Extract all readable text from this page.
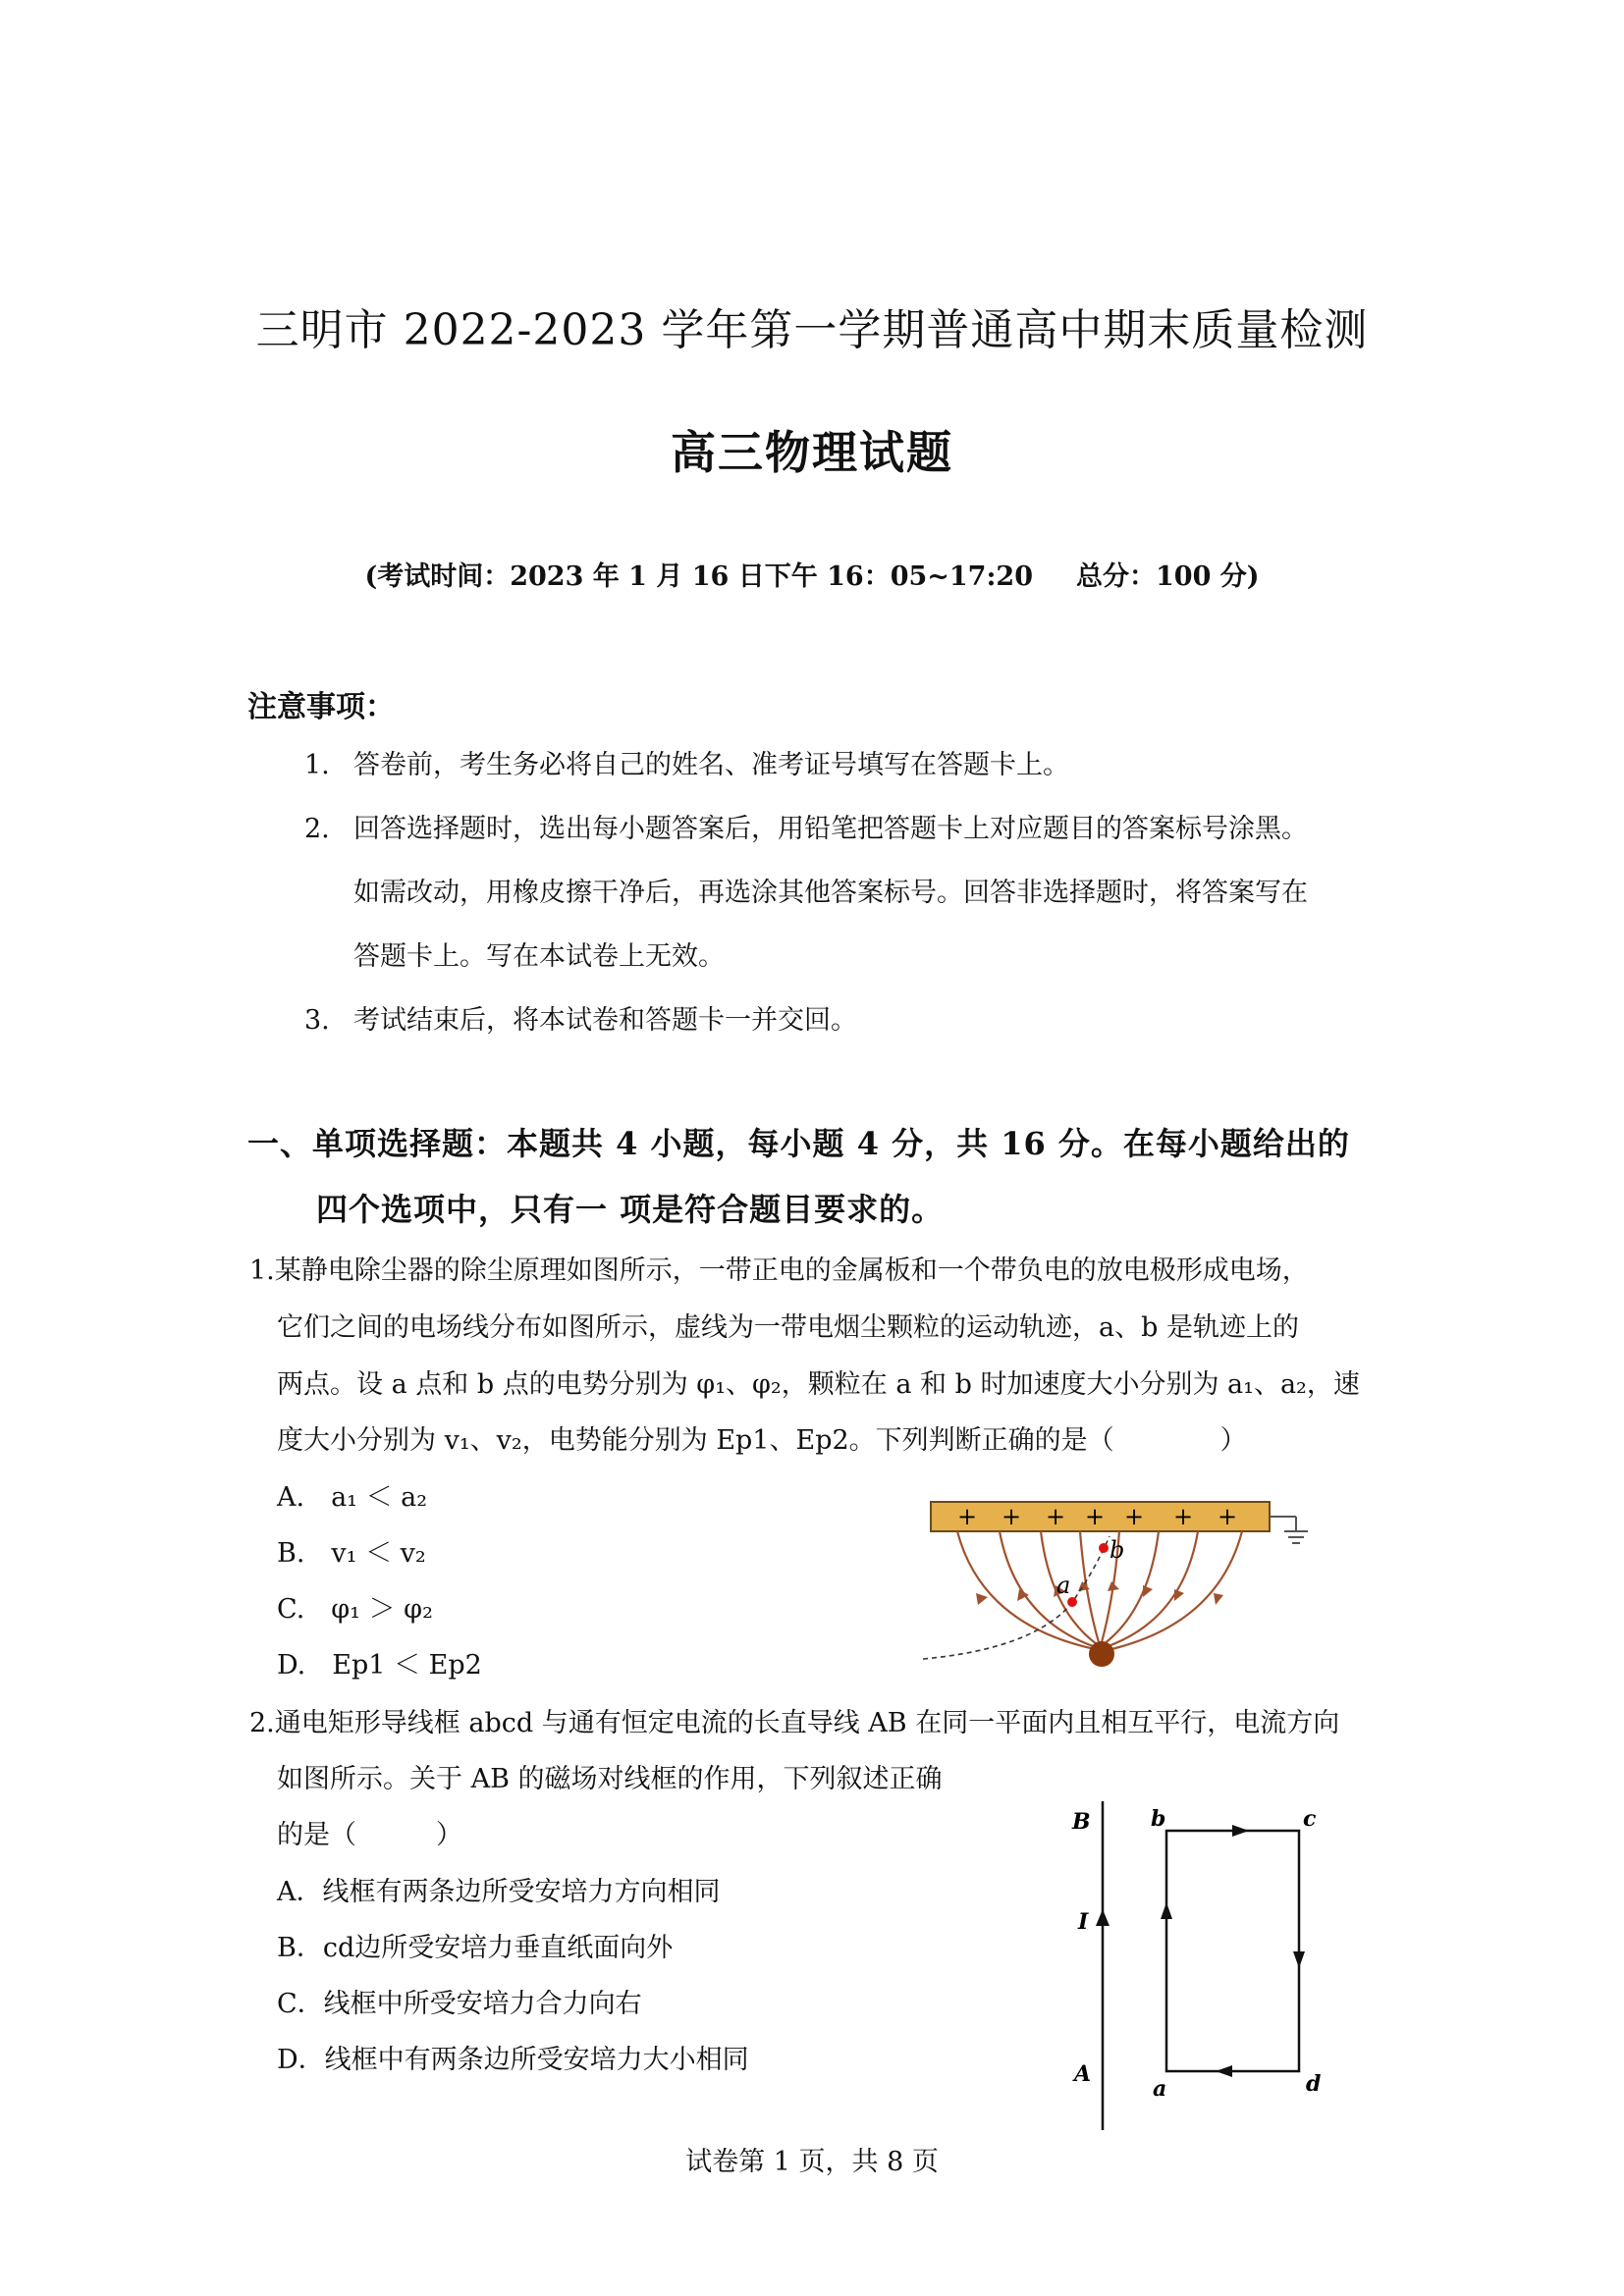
三明市 2022-2023 学年第一学期普通高中期末质量检测
高三物理试题
(考试时间：2023 年 1 月 16 日下午 16：05~17:20 总分：100 分)
注意事项：
1. 答卷前，考生务必将自己的姓名、准考证号填写在答题卡上。
2. 回答选择题时，选出每小题答案后，用铅笔把答题卡上对应题目的答案标号涂黑。
如需改动，用橡皮擦干净后，再选涂其他答案标号。回答非选择题时，将答案写在
答题卡上。写在本试卷上无效。
3. 考试结束后，将本试卷和答题卡一并交回。
一、单项选择题：本题共 4 小题，每小题 4 分，共 16 分。在每小题给出的
四个选项中，只有一 项是符合题目要求的。
1.某静电除尘器的除尘原理如图所示，一带正电的金属板和一个带负电的放电极形成电场，
它们之间的电场线分布如图所示，虚线为一带电烟尘颗粒的运动轨迹，a、b 是轨迹上的
两点。设 a 点和 b 点的电势分别为 φ₁、φ₂，颗粒在 a 和 b 时加速度大小分别为 a₁、a₂，速
度大小分别为 v₁、v₂，电势能分别为 Ep1、Ep2。下列判断正确的是（　　　　）
A.　a₁ ＜ a₂
B.　v₁ ＜ v₂
C.　φ₁ ＞ φ₂
D.　Ep1 ＜ Ep2
+ + + + + + +
a
b
2.通电矩形导线框 abcd 与通有恒定电流的长直导线 AB 在同一平面内且相互平行，电流方向
如图所示。关于 AB 的磁场对线框的作用，下列叙述正确
的是（　　　）
A．线框有两条边所受安培力方向相同
B．cd边所受安培力垂直纸面向外
C．线框中所受安培力合力向右
D．线框中有两条边所受安培力大小相同
B
I
A
b	c
a	d
试卷第 1 页，共 8 页
